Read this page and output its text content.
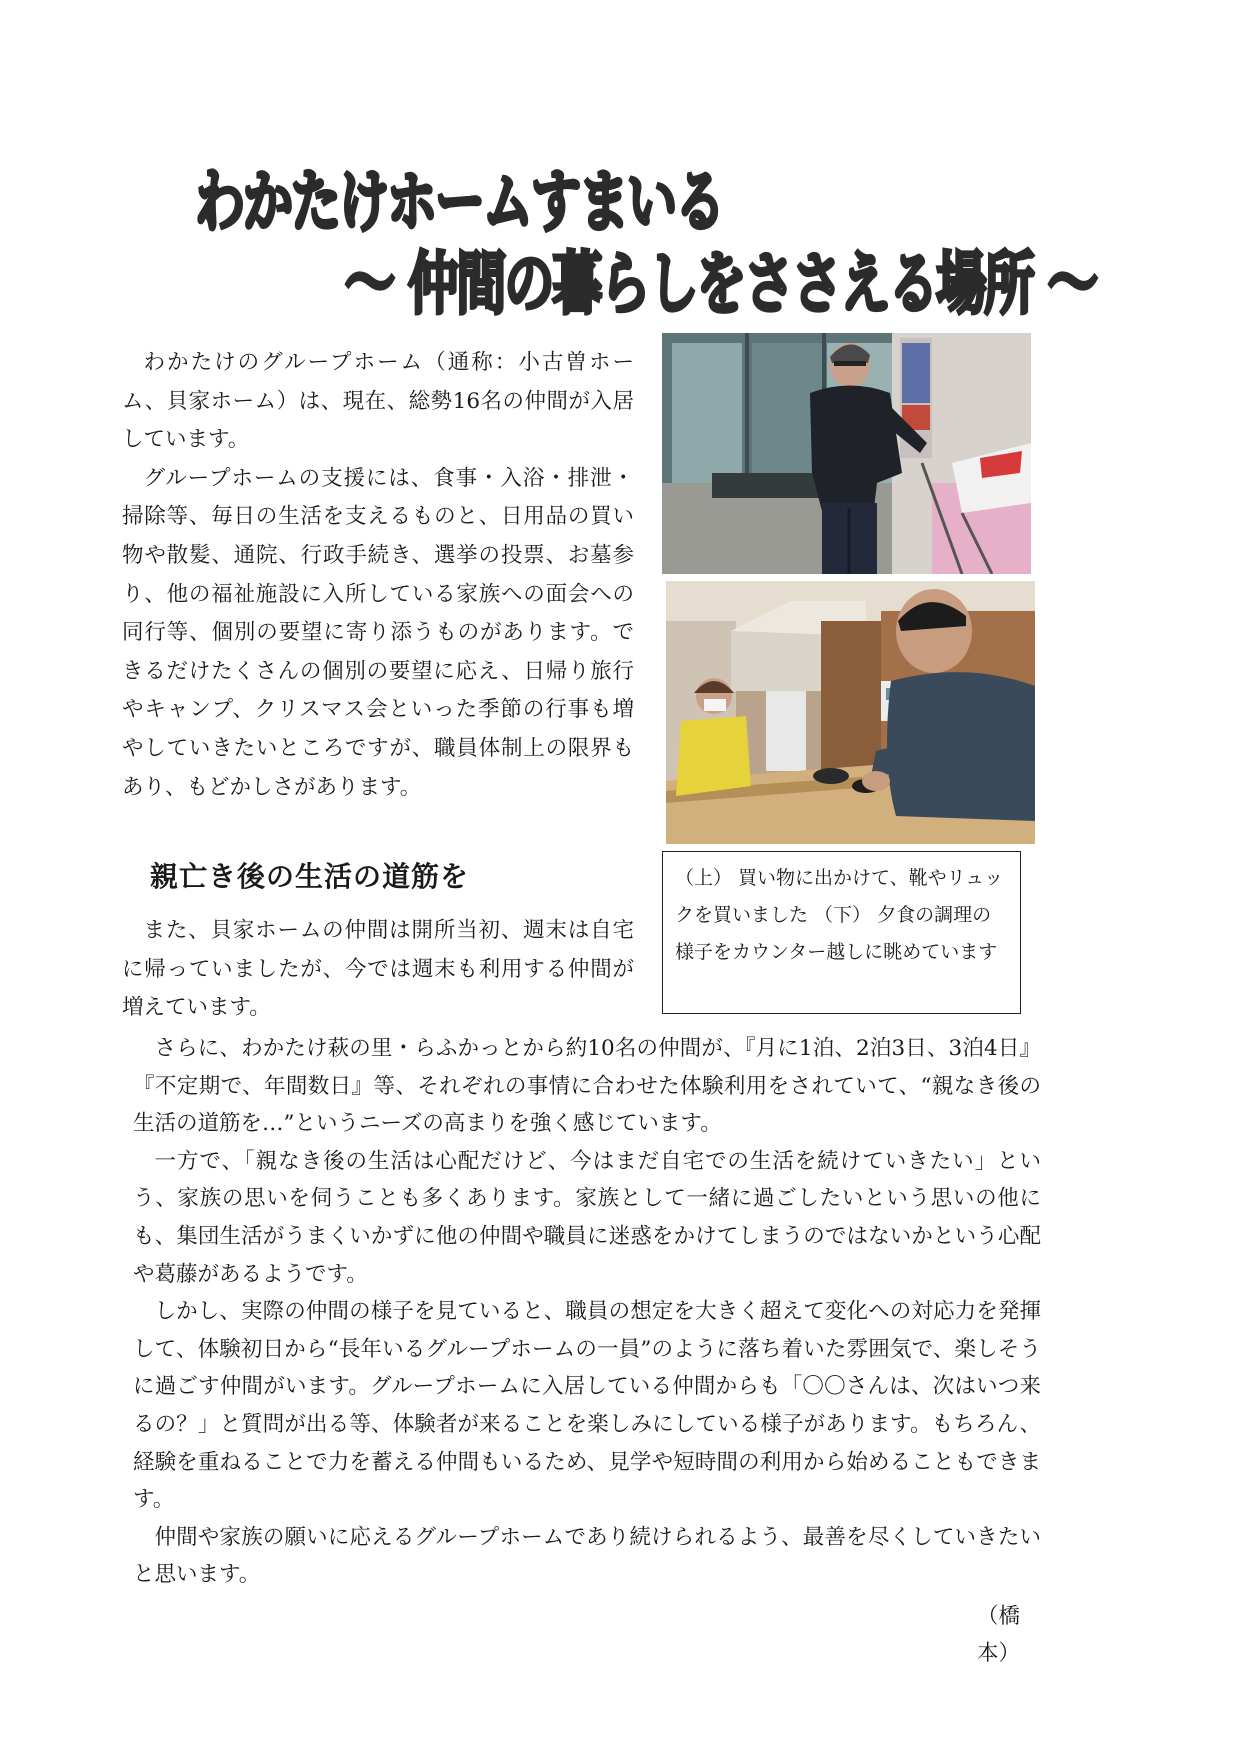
わかたけホームすまいる
～ 仲間の暮らしをささえる場所 ～

わかたけのグループホーム（通称：小古曽ホーム、貝家ホーム）は、現在、総勢16名の仲間が入居しています。

グループホームの支援には、食事・入浴・排泄・掃除等、毎日の生活を支えるものと、日用品の買い物や散髪、通院、行政手続き、選挙の投票、お墓参り、他の福祉施設に入所している家族への面会への同行等、個別の要望に寄り添うものがあります。できるだけたくさんの個別の要望に応え、日帰り旅行やキャンプ、クリスマス会といった季節の行事も増やしていきたいところですが、職員体制上の限界もあり、もどかしさがあります。

（上） 買い物に出かけて、靴やリュックを買いました （下） 夕食の調理の様子をカウンター越しに眺めています
親亡き後の生活の道筋を

また、貝家ホームの仲間は開所当初、週末は自宅に帰っていましたが、今では週末も利用する仲間が増えています。

さらに、わかたけ萩の里・らふかっとから約10名の仲間が、『月に1泊、2泊3日、3泊4日』『不定期で、年間数日』等、それぞれの事情に合わせた体験利用をされていて、“親なき後の生活の道筋を…”というニーズの高まりを強く感じています。

一方で、「親なき後の生活は心配だけど、今はまだ自宅での生活を続けていきたい」という、家族の思いを伺うことも多くあります。家族として一緒に過ごしたいという思いの他にも、集団生活がうまくいかずに他の仲間や職員に迷惑をかけてしまうのではないかという心配や葛藤があるようです。

しかし、実際の仲間の様子を見ていると、職員の想定を大きく超えて変化への対応力を発揮して、体験初日から“長年いるグループホームの一員”のように落ち着いた雰囲気で、楽しそうに過ごす仲間がいます。グループホームに入居している仲間からも「〇〇さんは、次はいつ来るの？」と質問が出る等、体験者が来ることを楽しみにしている様子があります。もちろん、経験を重ねることで力を蓄える仲間もいるため、見学や短時間の利用から始めることもできます。

仲間や家族の願いに応えるグループホームであり続けられるよう、最善を尽くしていきたいと思います。

（橋本）
